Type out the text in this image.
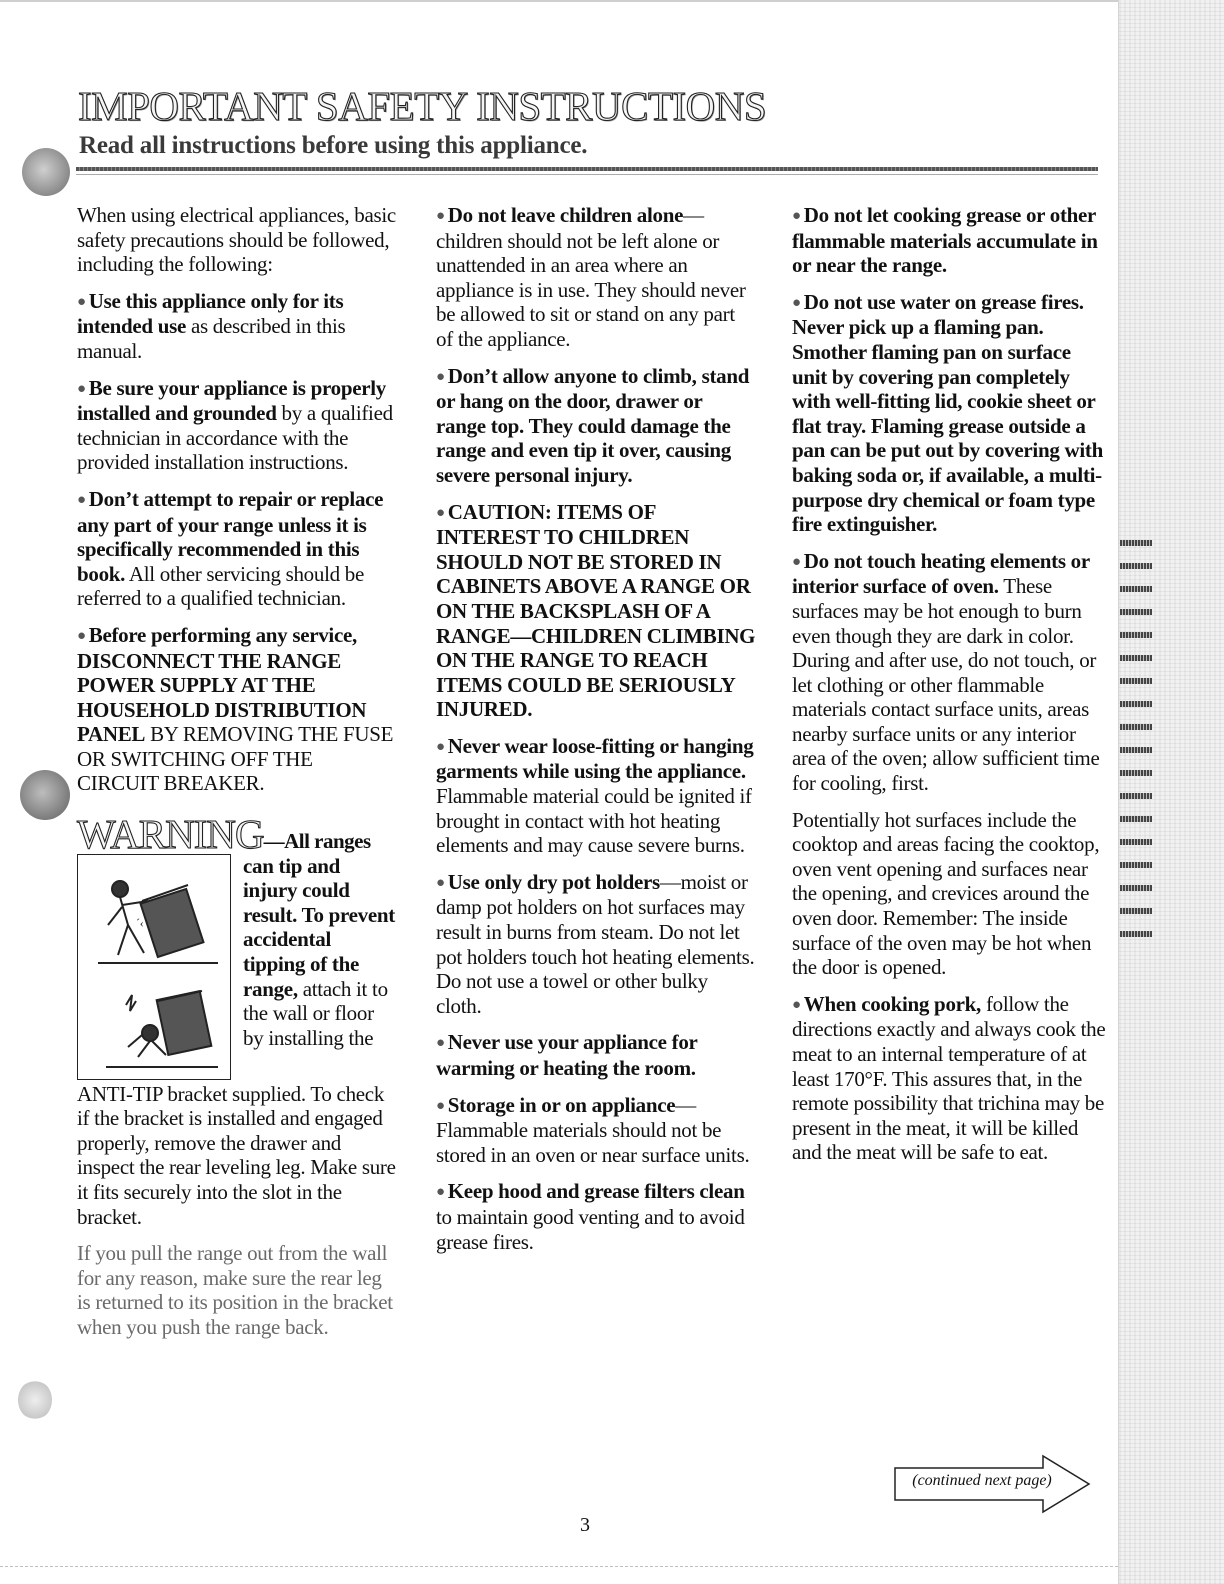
IMPORTANT SAFETY INSTRUCTIONS
Read all instructions before using this appliance.

When using electrical appliances, basic safety precautions should be followed, including the following:

● Use this appliance only for its intended use as described in this manual.

● Be sure your appliance is properly installed and grounded by a qualified technician in accordance with the provided installation instructions.

● Don’t attempt to repair or replace any part of your range unless it is specifically recommended in this book. All other servicing should be referred to a qualified technician.

● Before performing any service, DISCONNECT THE RANGE POWER SUPPLY AT THE HOUSEHOLD DISTRIBUTION PANEL BY REMOVING THE FUSE OR SWITCHING OFF THE CIRCUIT BREAKER.

WARNING—All ranges
´‹
can tip and injury could result. To prevent accidental tipping of the range, attach it to the wall or floor by installing the

ANTI-TIP bracket supplied. To check if the bracket is installed and engaged properly, remove the drawer and inspect the rear leveling leg. Make sure it fits securely into the slot in the bracket.

If you pull the range out from the wall for any reason, make sure the rear leg is returned to its position in the bracket when you push the range back.

● Do not leave children alone—children should not be left alone or unattended in an area where an appliance is in use. They should never be allowed to sit or stand on any part of the appliance.

● Don’t allow anyone to climb, stand or hang on the door, drawer or range top. They could damage the range and even tip it over, causing severe personal injury.

● CAUTION: ITEMS OF INTEREST TO CHILDREN SHOULD NOT BE STORED IN CABINETS ABOVE A RANGE OR ON THE BACKSPLASH OF A RANGE—CHILDREN CLIMBING ON THE RANGE TO REACH ITEMS COULD BE SERIOUSLY INJURED.

● Never wear loose-fitting or hanging garments while using the appliance. Flammable material could be ignited if brought in contact with hot heating elements and may cause severe burns.

● Use only dry pot holders—moist or damp pot holders on hot surfaces may result in burns from steam. Do not let pot holders touch hot heating elements. Do not use a towel or other bulky cloth.

● Never use your appliance for warming or heating the room.

● Storage in or on appliance—Flammable materials should not be stored in an oven or near surface units.

● Keep hood and grease filters clean to maintain good venting and to avoid grease fires.

● Do not let cooking grease or other flammable materials accumulate in or near the range.

● Do not use water on grease fires. Never pick up a flaming pan. Smother flaming pan on surface unit by covering pan completely with well-fitting lid, cookie sheet or flat tray. Flaming grease outside a pan can be put out by covering with baking soda or, if available, a multi-purpose dry chemical or foam type fire extinguisher.

● Do not touch heating elements or interior surface of oven. These surfaces may be hot enough to burn even though they are dark in color. During and after use, do not touch, or let clothing or other flammable materials contact surface units, areas nearby surface units or any interior area of the oven; allow sufficient time for cooling, first.

Potentially hot surfaces include the cooktop and areas facing the cooktop, oven vent opening and surfaces near the opening, and crevices around the oven door. Remember: The inside surface of the oven may be hot when the door is opened.

● When cooking pork, follow the directions exactly and always cook the meat to an internal temperature of at least 170°F. This assures that, in the remote possibility that trichina may be present in the meat, it will be killed and the meat will be safe to eat.

(continued next page)
3
